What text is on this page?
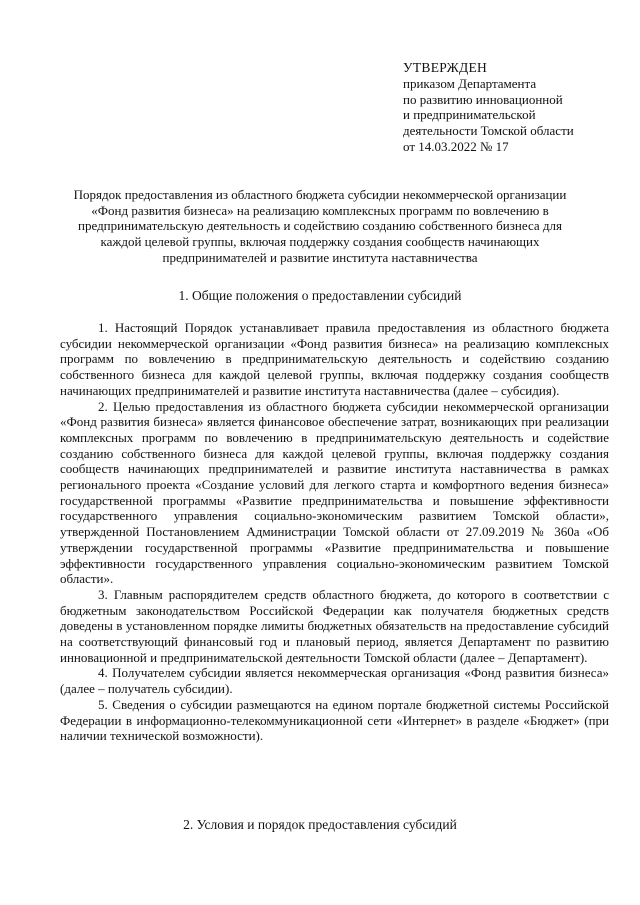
УТВЕРЖДЕН
приказом Департамента
по развитию инновационной
и предпринимательской
деятельности Томской области
от 14.03.2022 № 17
Порядок предоставления из областного бюджета субсидии некоммерческой организации
«Фонд развития бизнеса» на реализацию комплексных программ по вовлечению в
предпринимательскую деятельность и содействию созданию собственного бизнеса для
каждой целевой группы, включая поддержку создания сообществ начинающих
предпринимателей и развитие института наставничества
1. Общие положения о предоставлении субсидий

1. Настоящий Порядок устанавливает правила предоставления из областного бюджета субсидии некоммерческой организации «Фонд развития бизнеса» на реализацию комплексных программ по вовлечению в предпринимательскую деятельность и содействию созданию собственного бизнеса для каждой целевой группы, включая поддержку создания сообществ начинающих предпринимателей и развитие института наставничества (далее – субсидия).

2. Целью предоставления из областного бюджета субсидии некоммерческой организации «Фонд развития бизнеса» является финансовое обеспечение затрат, возникающих при реализации комплексных программ по вовлечению в предпринимательскую деятельность и содействие созданию собственного бизнеса для каждой целевой группы, включая поддержку создания сообществ начинающих предпринимателей и развитие института наставничества в рамках регионального проекта «Создание условий для легкого старта и комфортного ведения бизнеса» государственной программы «Развитие предпринимательства и повышение эффективности государственного управления социально-экономическим развитием Томской области», утвержденной Постановлением Администрации Томской области от 27.09.2019 № 360а «Об утверждении государственной программы «Развитие предпринимательства и повышение эффективности государственного управления социально-экономическим развитием Томской области».

3. Главным распорядителем средств областного бюджета, до которого в соответствии с бюджетным законодательством Российской Федерации как получателя бюджетных средств доведены в установленном порядке лимиты бюджетных обязательств на предоставление субсидий на соответствующий финансовый год и плановый период, является Департамент по развитию инновационной и предпринимательской деятельности Томской области (далее – Департамент).

4. Получателем субсидии является некоммерческая организация «Фонд развития бизнеса» (далее – получатель субсидии).

5. Сведения о субсидии размещаются на едином портале бюджетной системы Российской Федерации в информационно-телекоммуникационной сети «Интернет» в разделе «Бюджет» (при наличии технической возможности).

2. Условия и порядок предоставления субсидий
